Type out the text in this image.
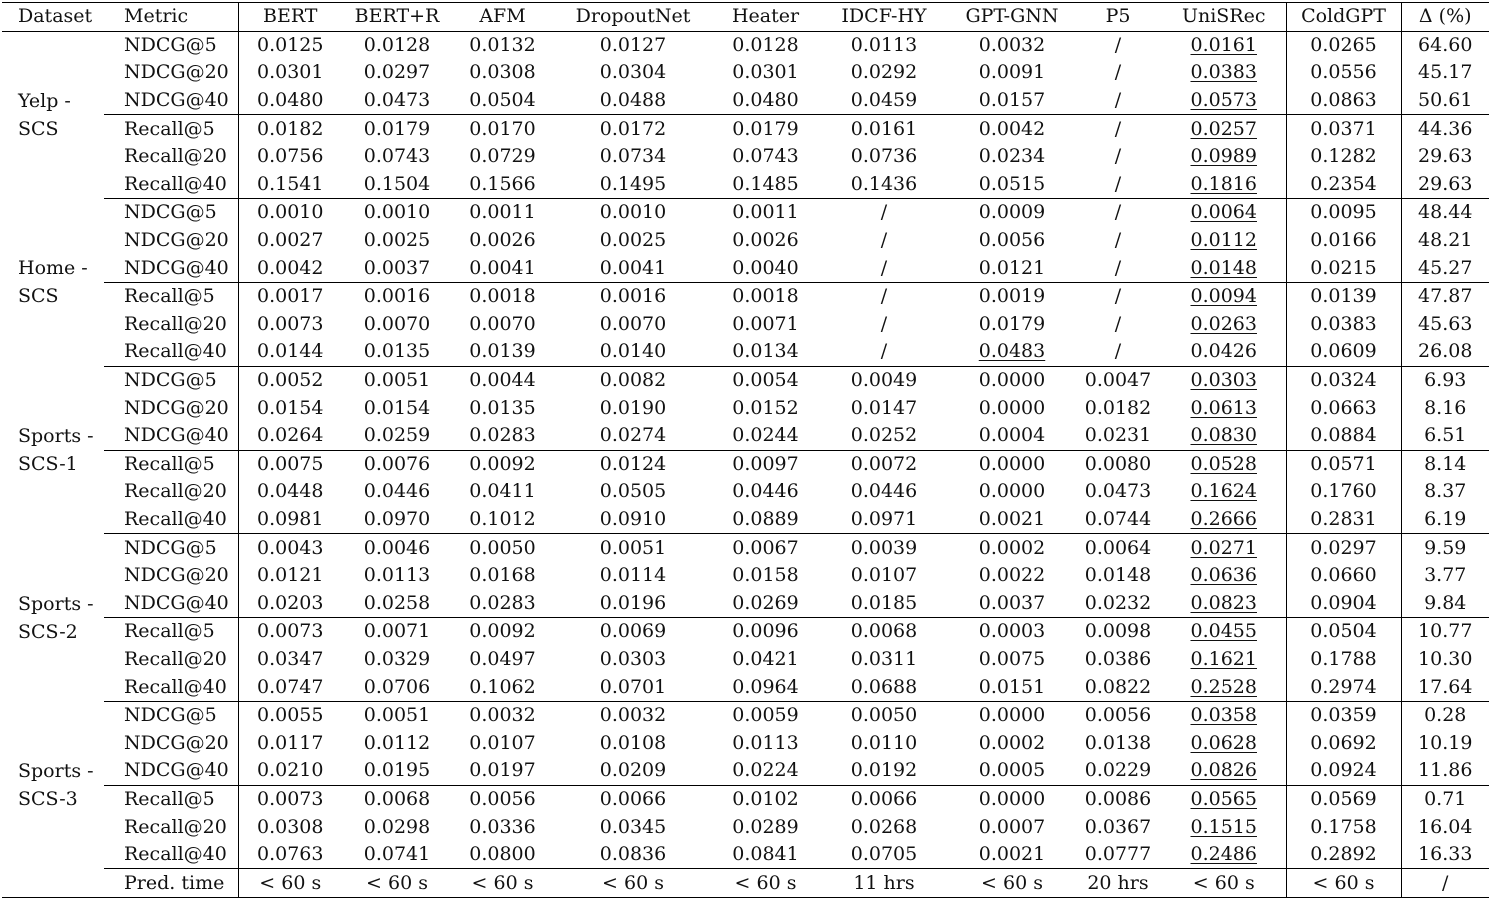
Dataset	Metric	BERT	BERT+R	AFM	DropoutNet	Heater	IDCF-HY	GPT-GNN	P5	UniSRec	ColdGPT	Δ (%)
Yelp -SCS	NDCG@5	0.0125	0.0128	0.0132	0.0127	0.0128	0.0113	0.0032	/	0.0161	0.0265	64.60
	NDCG@20	0.0301	0.0297	0.0308	0.0304	0.0301	0.0292	0.0091	/	0.0383	0.0556	45.17
	NDCG@40	0.0480	0.0473	0.0504	0.0488	0.0480	0.0459	0.0157	/	0.0573	0.0863	50.61
	Recall@5	0.0182	0.0179	0.0170	0.0172	0.0179	0.0161	0.0042	/	0.0257	0.0371	44.36
	Recall@20	0.0756	0.0743	0.0729	0.0734	0.0743	0.0736	0.0234	/	0.0989	0.1282	29.63
	Recall@40	0.1541	0.1504	0.1566	0.1495	0.1485	0.1436	0.0515	/	0.1816	0.2354	29.63
Home -SCS	NDCG@5	0.0010	0.0010	0.0011	0.0010	0.0011	/	0.0009	/	0.0064	0.0095	48.44
	NDCG@20	0.0027	0.0025	0.0026	0.0025	0.0026	/	0.0056	/	0.0112	0.0166	48.21
	NDCG@40	0.0042	0.0037	0.0041	0.0041	0.0040	/	0.0121	/	0.0148	0.0215	45.27
	Recall@5	0.0017	0.0016	0.0018	0.0016	0.0018	/	0.0019	/	0.0094	0.0139	47.87
	Recall@20	0.0073	0.0070	0.0070	0.0070	0.0071	/	0.0179	/	0.0263	0.0383	45.63
	Recall@40	0.0144	0.0135	0.0139	0.0140	0.0134	/	0.0483	/	0.0426	0.0609	26.08
Sports -SCS-1	NDCG@5	0.0052	0.0051	0.0044	0.0082	0.0054	0.0049	0.0000	0.0047	0.0303	0.0324	6.93
	NDCG@20	0.0154	0.0154	0.0135	0.0190	0.0152	0.0147	0.0000	0.0182	0.0613	0.0663	8.16
	NDCG@40	0.0264	0.0259	0.0283	0.0274	0.0244	0.0252	0.0004	0.0231	0.0830	0.0884	6.51
	Recall@5	0.0075	0.0076	0.0092	0.0124	0.0097	0.0072	0.0000	0.0080	0.0528	0.0571	8.14
	Recall@20	0.0448	0.0446	0.0411	0.0505	0.0446	0.0446	0.0000	0.0473	0.1624	0.1760	8.37
	Recall@40	0.0981	0.0970	0.1012	0.0910	0.0889	0.0971	0.0021	0.0744	0.2666	0.2831	6.19
Sports -SCS-2	NDCG@5	0.0043	0.0046	0.0050	0.0051	0.0067	0.0039	0.0002	0.0064	0.0271	0.0297	9.59
	NDCG@20	0.0121	0.0113	0.0168	0.0114	0.0158	0.0107	0.0022	0.0148	0.0636	0.0660	3.77
	NDCG@40	0.0203	0.0258	0.0283	0.0196	0.0269	0.0185	0.0037	0.0232	0.0823	0.0904	9.84
	Recall@5	0.0073	0.0071	0.0092	0.0069	0.0096	0.0068	0.0003	0.0098	0.0455	0.0504	10.77
	Recall@20	0.0347	0.0329	0.0497	0.0303	0.0421	0.0311	0.0075	0.0386	0.1621	0.1788	10.30
	Recall@40	0.0747	0.0706	0.1062	0.0701	0.0964	0.0688	0.0151	0.0822	0.2528	0.2974	17.64
Sports -SCS-3	NDCG@5	0.0055	0.0051	0.0032	0.0032	0.0059	0.0050	0.0000	0.0056	0.0358	0.0359	0.28
	NDCG@20	0.0117	0.0112	0.0107	0.0108	0.0113	0.0110	0.0002	0.0138	0.0628	0.0692	10.19
	NDCG@40	0.0210	0.0195	0.0197	0.0209	0.0224	0.0192	0.0005	0.0229	0.0826	0.0924	11.86
	Recall@5	0.0073	0.0068	0.0056	0.0066	0.0102	0.0066	0.0000	0.0086	0.0565	0.0569	0.71
	Recall@20	0.0308	0.0298	0.0336	0.0345	0.0289	0.0268	0.0007	0.0367	0.1515	0.1758	16.04
	Recall@40	0.0763	0.0741	0.0800	0.0836	0.0841	0.0705	0.0021	0.0777	0.2486	0.2892	16.33
	Pred. time	< 60 s	< 60 s	< 60 s	< 60 s	< 60 s	11 hrs	< 60 s	20 hrs	< 60 s	< 60 s	/
